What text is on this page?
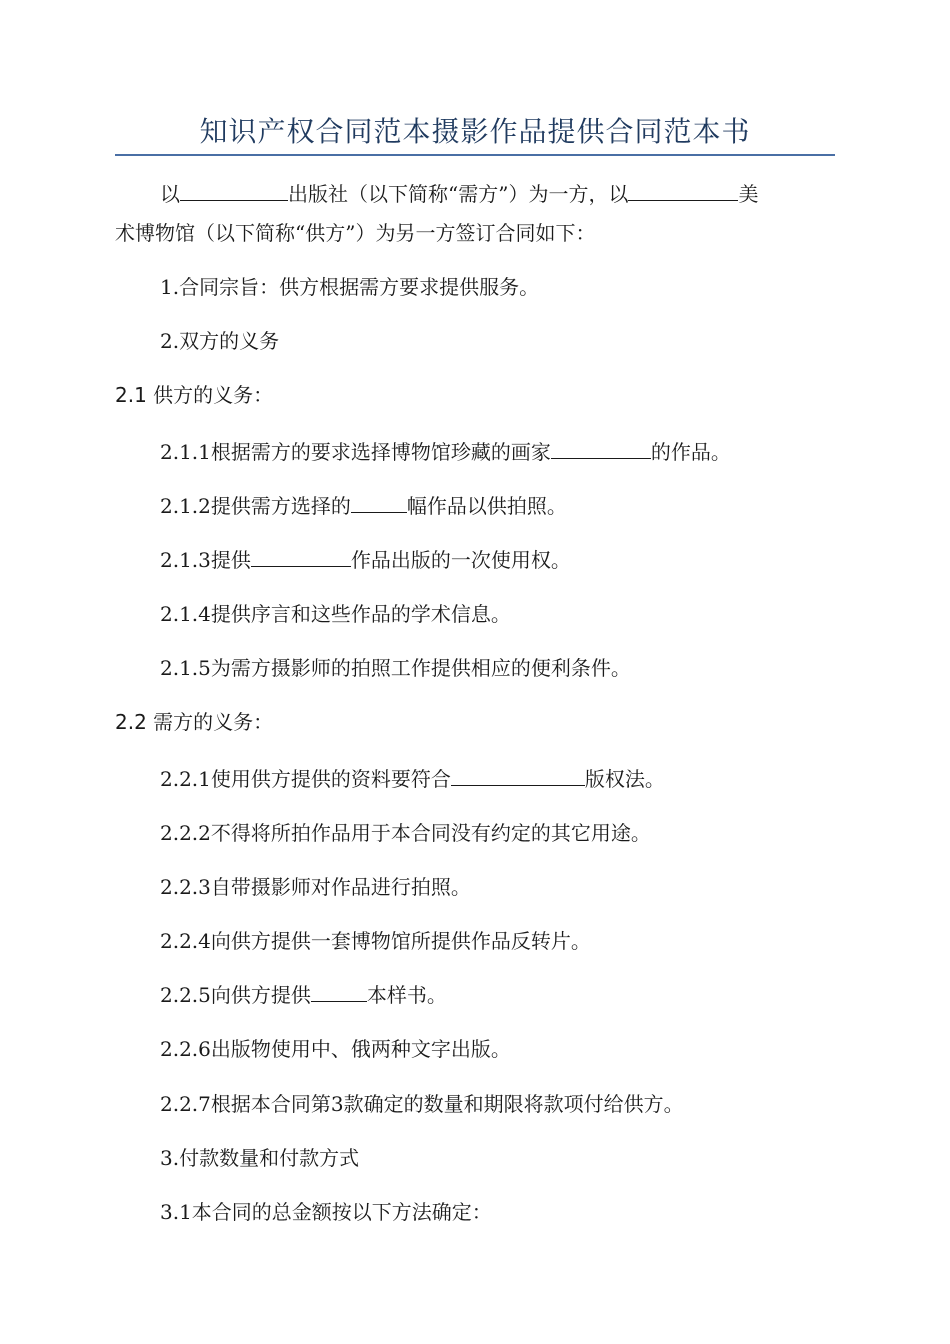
知识产权合同范本摄影作品提供合同范本书
以	出版社（以下简称“需方”）为一方，以	美
术博物馆（以下简称“供方”）为另一方签订合同如下：
1.合同宗旨：供方根据需方要求提供服务。
2.双方的义务
2.1 供方的义务：
2.1.1根据需方的要求选择博物馆珍藏的画家	的作品。
2.1.2提供需方选择的	幅作品以供拍照。
2.1.3提供	作品出版的一次使用权。
2.1.4提供序言和这些作品的学术信息。
2.1.5为需方摄影师的拍照工作提供相应的便利条件。
2.2 需方的义务：
2.2.1使用供方提供的资料要符合	版权法。
2.2.2不得将所拍作品用于本合同没有约定的其它用途。
2.2.3自带摄影师对作品进行拍照。
2.2.4向供方提供一套博物馆所提供作品反转片。
2.2.5向供方提供	本样书。
2.2.6出版物使用中、俄两种文字出版。
2.2.7根据本合同第3款确定的数量和期限将款项付给供方。
3.付款数量和付款方式
3.1本合同的总金额按以下方法确定：
